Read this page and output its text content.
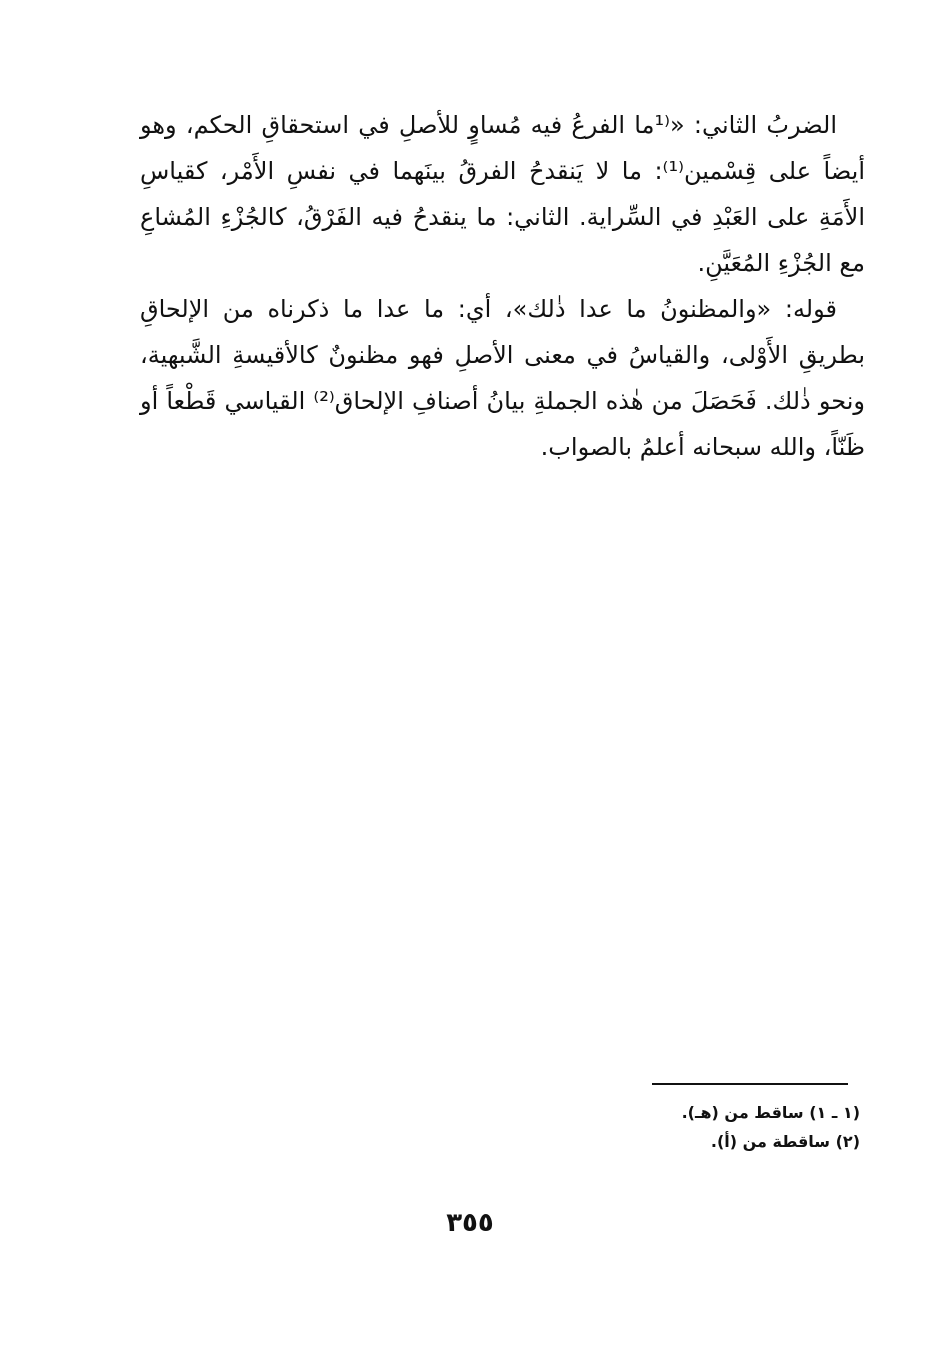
الضربُ الثاني: «⁽¹ما الفرعُ فيه مُساوٍ للأصلِ في استحقاقِ الحكم، وهو أيضاً على قِسْمين⁽¹⁾: ما لا يَنقدحُ الفرقُ بينَهما في نفسِ الأَمْر، كقياسِ الأَمَةِ على العَبْدِ في السِّراية. الثاني: ما ينقدحُ فيه الفَرْقُ، كالجُزْءِ المُشاعِ مع الجُزْءِ المُعَيَّنِ.

قوله: «والمظنونُ ما عدا ذٰلك»، أي: ما عدا ما ذكرناه من الإلحاقِ بطريقِ الأَوْلى، والقياسُ في معنى الأصلِ فهو مظنونٌ كالأقيسةِ الشَّبهية، ونحو ذٰلك. فَحَصَلَ من هٰذه الجملةِ بيانُ أصنافِ الإلحاق⁽²⁾ القياسي قَطْعاً أو ظَنّاً، والله سبحانه أعلمُ بالصواب.

(١ ـ ١) ساقط من (هـ).
(٢) ساقطة من (أ).
٣٥٥
